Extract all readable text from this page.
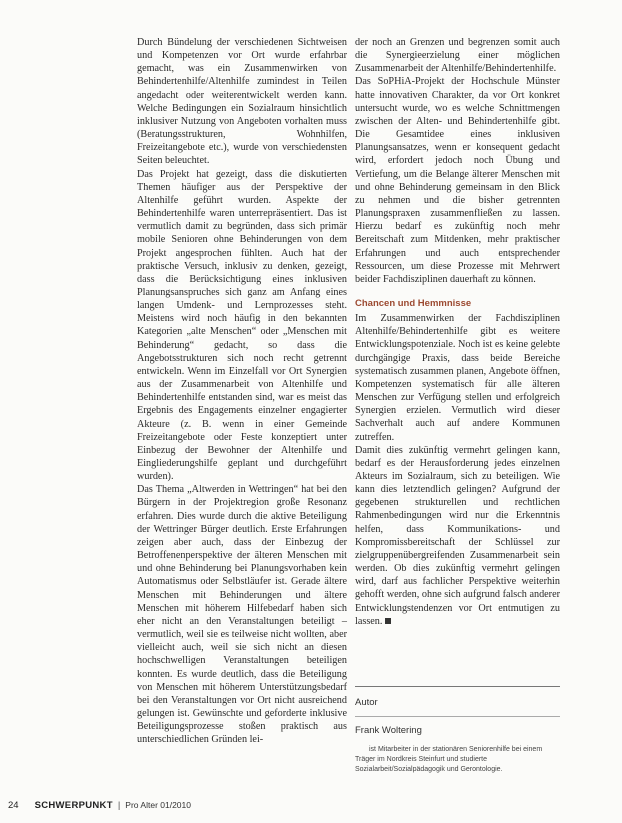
Durch Bündelung der verschiedenen Sichtweisen und Kompetenzen vor Ort wurde erfahrbar gemacht, was ein Zusammenwirken von Behindertenhilfe/Altenhilfe zumindest in Teilen angedacht oder weiterentwickelt werden kann. Welche Bedingungen ein Sozialraum hinsichtlich inklusiver Nutzung von Angeboten vorhalten muss (Beratungsstrukturen, Wohnhilfen, Freizeitangebote etc.), wurde von verschiedensten Seiten beleuchtet.

Das Projekt hat gezeigt, dass die diskutierten Themen häufiger aus der Perspektive der Altenhilfe geführt wurden. Aspekte der Behindertenhilfe waren unterrepräsentiert. Das ist vermutlich damit zu begründen, dass sich primär mobile Senioren ohne Behinderungen von dem Projekt angesprochen fühlten. Auch hat der praktische Versuch, inklusiv zu denken, gezeigt, dass die Berücksichtigung eines inklusiven Planungsanspruches sich ganz am Anfang eines langen Umdenk- und Lernprozesses steht. Meistens wird noch häufig in den bekannten Kategorien „alte Menschen“ oder „Menschen mit Behinderung“ gedacht, so dass die Angebotsstrukturen sich noch recht getrennt entwickeln. Wenn im Einzelfall vor Ort Synergien aus der Zusammenarbeit von Altenhilfe und Behindertenhilfe entstanden sind, war es meist das Ergebnis des Engagements einzelner engagierter Akteure (z. B. wenn in einer Gemeinde Freizeitangebote oder Feste konzeptiert unter Einbezug der Bewohner der Altenhilfe und Eingliederungshilfe geplant und durchgeführt wurden).

Das Thema „Altwerden in Wettringen“ hat bei den Bürgern in der Projektregion große Resonanz erfahren. Dies wurde durch die aktive Beteiligung der Wettringer Bürger deutlich. Erste Erfahrungen zeigen aber auch, dass der Einbezug der Betroffenenperspektive der älteren Menschen mit und ohne Behinderung bei Planungsvorhaben kein Automatismus oder Selbstläufer ist. Gerade ältere Menschen mit Behinderungen und ältere Menschen mit höherem Hilfebedarf haben sich eher nicht an den Veranstaltungen beteiligt – vermutlich, weil sie es teilweise nicht wollten, aber vielleicht auch, weil sie sich nicht an diesen hochschwelligen Veranstaltungen beteiligen konnten. Es wurde deutlich, dass die Beteiligung von Menschen mit höherem Unterstützungsbedarf bei den Veranstaltungen vor Ort nicht ausreichend gelungen ist. Gewünschte und geforderte inklusive Beteiligungsprozesse stoßen praktisch aus unterschiedlichen Gründen lei-

der noch an Grenzen und begrenzen somit auch die Synergieerzielung einer möglichen Zusammenarbeit der Altenhilfe/Behindertenhilfe.

Das SoPHiA-Projekt der Hochschule Münster hatte innovativen Charakter, da vor Ort konkret untersucht wurde, wo es welche Schnittmengen zwischen der Alten- und Behindertenhilfe gibt. Die Gesamtidee eines inklusiven Planungsansatzes, wenn er konsequent gedacht wird, erfordert jedoch noch Übung und Vertiefung, um die Belange älterer Menschen mit und ohne Behinderung gemeinsam in den Blick zu nehmen und die bisher getrennten Planungspraxen zusammenfließen zu lassen. Hierzu bedarf es zukünftig noch mehr Bereitschaft zum Mitdenken, mehr praktischer Erfahrungen und auch entsprechender Ressourcen, um diese Prozesse mit Mehrwert beider Fachdisziplinen dauerhaft zu können.

Chancen und Hemmnisse

Im Zusammenwirken der Fachdisziplinen Altenhilfe/Behindertenhilfe gibt es weitere Entwicklungspotenziale. Noch ist es keine gelebte durchgängige Praxis, dass beide Bereiche systematisch zusammen planen, Angebote öffnen, Kompetenzen systematisch für alle älteren Menschen zur Verfügung stellen und erfolgreich Synergien erzielen. Vermutlich wird dieser Sachverhalt auch auf andere Kommunen zutreffen.

Damit dies zukünftig vermehrt gelingen kann, bedarf es der Herausforderung jedes einzelnen Akteurs im Sozialraum, sich zu beteiligen. Wie kann dies letztendlich gelingen? Aufgrund der gegebenen strukturellen und rechtlichen Rahmenbedingungen wird nur die Erkenntnis helfen, dass Kommunikations- und Kompromissbereitschaft der Schlüssel zur zielgruppenübergreifenden Zusammenarbeit sein werden. Ob dies zukünftig vermehrt gelingen wird, darf aus fachlicher Perspektive weiterhin gehofft werden, ohne sich aufgrund falsch anderer Entwicklungstendenzen vor Ort entmutigen zu lassen.

Autor
Frank Woltering
ist Mitarbeiter in der stationären Seniorenhilfe bei einem Träger im Nordkreis Steinfurt und studierte Sozialarbeit/Sozialpädagogik und Gerontologie.
24 SCHWERPUNKT | Pro Alter 01/2010
